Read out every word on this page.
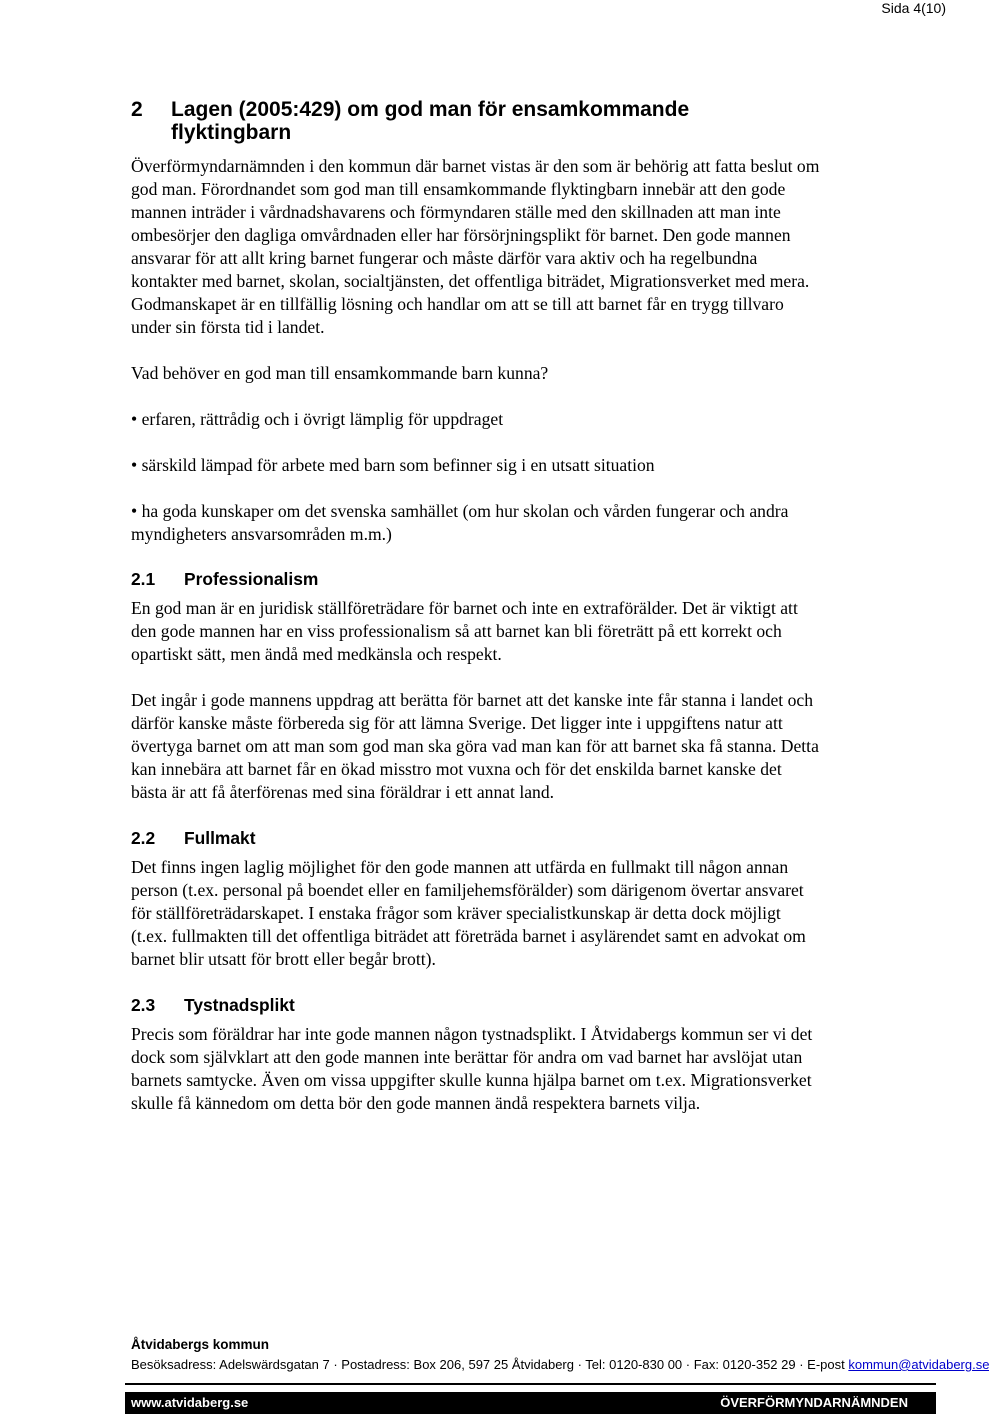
Sida 4(10)
2	Lagen (2005:429) om god man för ensamkommande
flyktingbarn

Överförmyndarnämnden i den kommun där barnet vistas är den som är behörig att fatta beslut om god man. Förordnandet som god man till ensamkommande flyktingbarn innebär att den gode mannen inträder i vårdnadshavarens och förmyndaren ställe med den skillnaden att man inte ombesörjer den dagliga omvårdnaden eller har försörjningsplikt för barnet. Den gode mannen ansvarar för att allt kring barnet fungerar och måste därför vara aktiv och ha regelbundna kontakter med barnet, skolan, socialtjänsten, det offentliga biträdet, Migrationsverket med mera. Godmanskapet är en tillfällig lösning och handlar om att se till att barnet får en trygg tillvaro under sin första tid i landet.

Vad behöver en god man till ensamkommande barn kunna?

• erfaren, rättrådig och i övrigt lämplig för uppdraget
• särskild lämpad för arbete med barn som befinner sig i en utsatt situation
• ha goda kunskaper om det svenska samhället (om hur skolan och vården fungerar och andra myndigheters ansvarsområden m.m.)
2.1	Professionalism

En god man är en juridisk ställföreträdare för barnet och inte en extraförälder. Det är viktigt att den gode mannen har en viss professionalism så att barnet kan bli företrätt på ett korrekt och opartiskt sätt, men ändå med medkänsla och respekt.

Det ingår i gode mannens uppdrag att berätta för barnet att det kanske inte får stanna i landet och därför kanske måste förbereda sig för att lämna Sverige. Det ligger inte i uppgiftens natur att övertyga barnet om att man som god man ska göra vad man kan för att barnet ska få stanna. Detta kan innebära att barnet får en ökad misstro mot vuxna och för det enskilda barnet kanske det bästa är att få återförenas med sina föräldrar i ett annat land.

2.2	Fullmakt

Det finns ingen laglig möjlighet för den gode mannen att utfärda en fullmakt till någon annan person (t.ex. personal på boendet eller en familjehemsförälder) som därigenom övertar ansvaret för ställföreträdarskapet. I enstaka frågor som kräver specialistkunskap är detta dock möjligt (t.ex. fullmakten till det offentliga biträdet att företräda barnet i asylärendet samt en advokat om barnet blir utsatt för brott eller begår brott).

2.3	Tystnadsplikt

Precis som föräldrar har inte gode mannen någon tystnadsplikt. I Åtvidabergs kommun ser vi det dock som självklart att den gode mannen inte berättar för andra om vad barnet har avslöjat utan barnets samtycke. Även om vissa uppgifter skulle kunna hjälpa barnet om t.ex. Migrationsverket skulle få kännedom om detta bör den gode mannen ändå respektera barnets vilja.

Åtvidabergs kommun
Besöksadress: Adelswärdsgatan 7 · Postadress: Box 206, 597 25 Åtvidaberg · Tel: 0120-830 00 · Fax: 0120-352 29 · E-post kommun@atvidaberg.se
www.atvidaberg.se	ÖVERFÖRMYNDARNÄMNDEN
